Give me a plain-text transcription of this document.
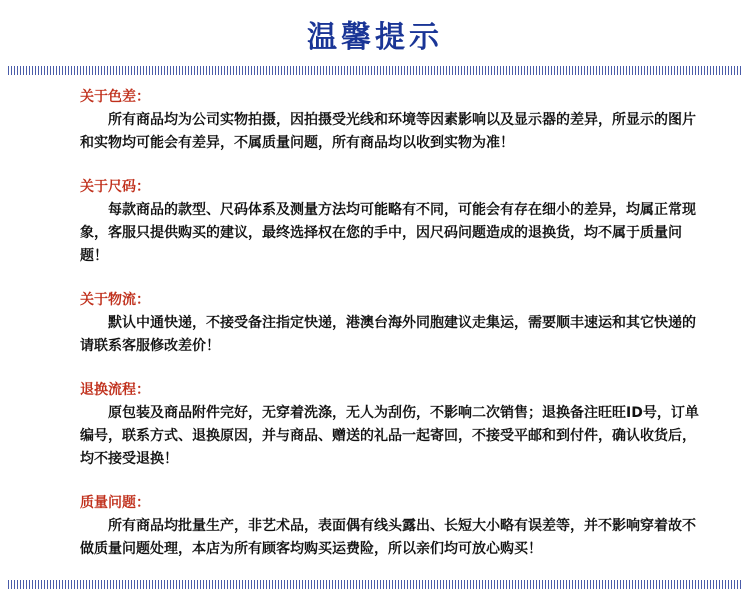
温馨提示
关于色差：
所有商品均为公司实物拍摄，因拍摄受光线和环境等因素影响以及显示器的差异，所显示的图片和实物均可能会有差异，不属质量问题，所有商品均以收到实物为准！
关于尺码：
每款商品的款型、尺码体系及测量方法均可能略有不同，可能会有存在细小的差异，均属正常现象，客服只提供购买的建议，最终选择权在您的手中，因尺码问题造成的退换货，均不属于质量问题！
关于物流：
默认中通快递，不接受备注指定快递，港澳台海外同胞建议走集运，需要顺丰速运和其它快递的请联系客服修改差价！
退换流程：
原包装及商品附件完好，无穿着洗涤，无人为刮伤，不影响二次销售；退换备注旺旺ID号，订单编号，联系方式、退换原因，并与商品、赠送的礼品一起寄回，不接受平邮和到付件，确认收货后，均不接受退换！
质量问题：
所有商品均批量生产，非艺术品，表面偶有线头露出、长短大小略有误差等，并不影响穿着故不做质量问题处理，本店为所有顾客均购买运费险，所以亲们均可放心购买！
